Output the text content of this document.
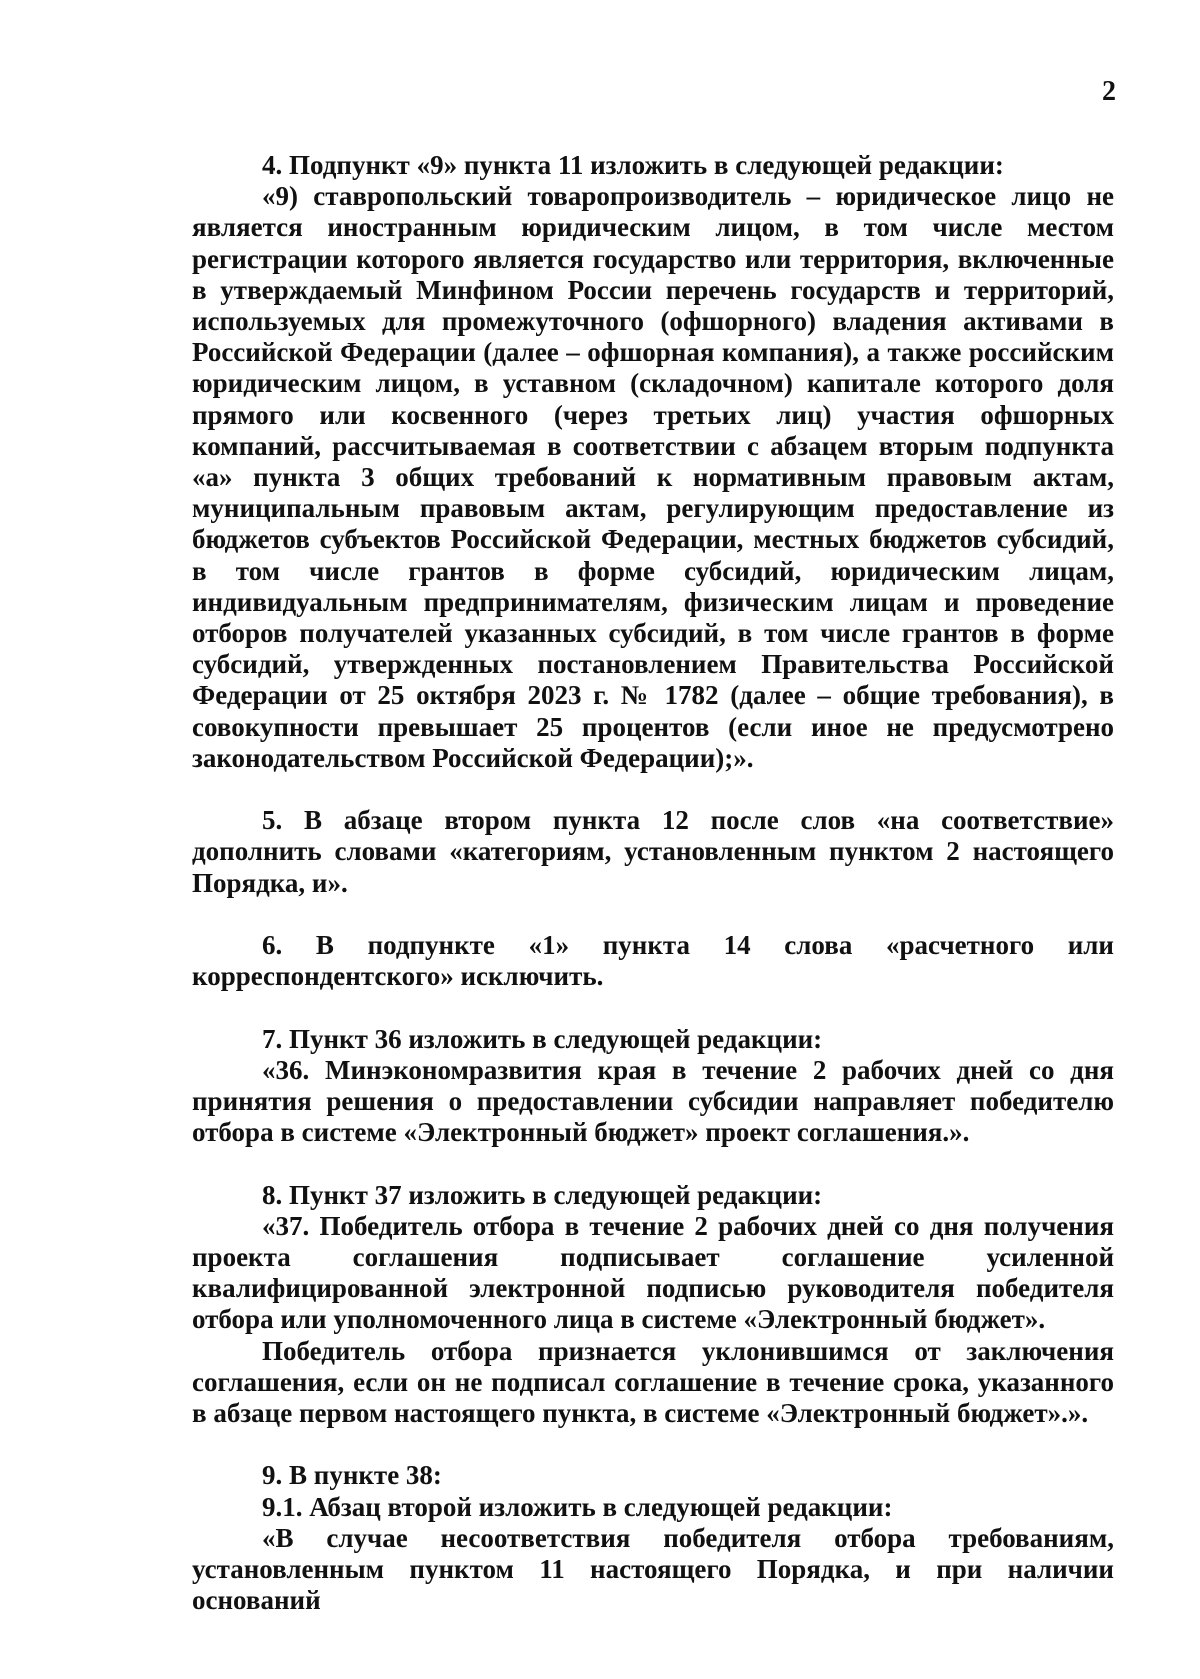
2

4. Подпункт «9» пункта 11 изложить в следующей редакции:

«9) ставропольский товаропроизводитель – юридическое лицо не является иностранным юридическим лицом, в том числе местом регистрации которого является государство или территория, включенные в утверждаемый Минфином России перечень государств и территорий, используемых для промежуточного (офшорного) владения активами в Российской Федерации (далее – офшорная компания), а также российским юридическим лицом, в уставном (складочном) капитале которого доля прямого или косвенного (через третьих лиц) участия офшорных компаний, рассчитываемая в соответствии с абзацем вторым подпункта «а» пункта 3 общих требований к нормативным правовым актам, муниципальным правовым актам, регулирующим предоставление из бюджетов субъектов Российской Федерации, местных бюджетов субсидий, в том числе грантов в форме субсидий, юридическим лицам, индивидуальным предпринимателям, физическим лицам и проведение отборов получателей указанных субсидий, в том числе грантов в форме субсидий, утвержденных постановлением Правительства Российской Федерации от 25 октября 2023 г. № 1782 (далее – общие требования), в совокупности превышает 25 процентов (если иное не предусмотрено законодательством Российской Федерации);».

5. В абзаце втором пункта 12 после слов «на соответствие» дополнить словами «категориям, установленным пунктом 2 настоящего Порядка, и».

6. В подпункте «1» пункта 14 слова «расчетного или корреспондентского» исключить.

7. Пункт 36 изложить в следующей редакции:

«36. Минэкономразвития края в течение 2 рабочих дней со дня принятия решения о предоставлении субсидии направляет победителю отбора в системе «Электронный бюджет» проект соглашения.».

8. Пункт 37 изложить в следующей редакции:

«37. Победитель отбора в течение 2 рабочих дней со дня получения проекта соглашения подписывает соглашение усиленной квалифицированной электронной подписью руководителя победителя отбора или уполномоченного лица в системе «Электронный бюджет».

Победитель отбора признается уклонившимся от заключения соглашения, если он не подписал соглашение в течение срока, указанного в абзаце первом настоящего пункта, в системе «Электронный бюджет».».

9. В пункте 38:

9.1. Абзац второй изложить в следующей редакции:

«В случае несоответствия победителя отбора требованиям, установленным пунктом 11 настоящего Порядка, и при наличии оснований
